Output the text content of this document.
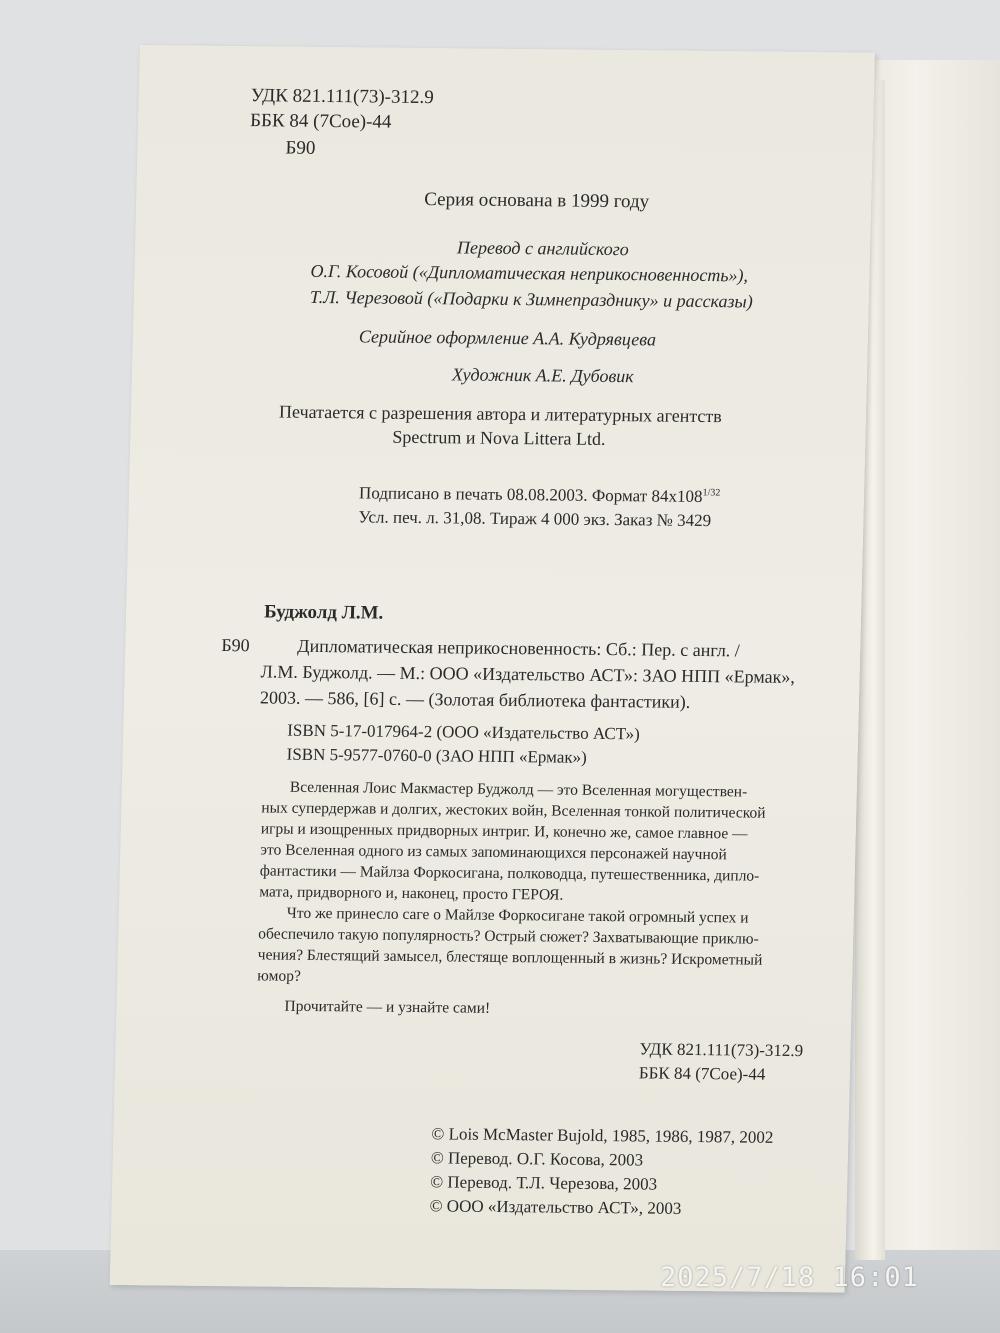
УДК 821.111(73)-312.9
ББК 84 (7Сое)-44
Б90
Серия основана в 1999 году
Перевод с английского
О.Г. Косовой («Дипломатическая неприкосновенность»),
Т.Л. Черезовой («Подарки к Зимнепразднику» и рассказы)
Серийное оформление А.А. Кудрявцева
Художник А.Е. Дубовик
Печатается с разрешения автора и литературных агентств
Spectrum и Nova Littera Ltd.
Подписано в печать 08.08.2003. Формат $84x108^{1/32}$
Усл. печ. л. 31,08. Тираж 4 000 экз. Заказ № 3429
Буджолд Л.М.
Б90	Дипломатическая неприкосновенность: Сб.: Пер. с англ. /
Л.М. Буджолд. — М.: ООО «Издательство АСТ»: ЗАО НПП «Ермак»,
2003. — 586, [6] с. — (Золотая библиотека фантастики).
ISBN 5-17-017964-2 (ООО «Издательство АСТ»)
ISBN 5-9577-0760-0 (ЗАО НПП «Ермак»)
Вселенная Лоис Макмастер Буджолд — это Вселенная могуществен-
ных супердержав и долгих, жестоких войн, Вселенная тонкой политической
игры и изощренных придворных интриг. И, конечно же, самое главное —
это Вселенная одного из самых запоминающихся персонажей научной
фантастики — Майлза Форкосигана, полководца, путешественника, дипло-
мата, придворного и, наконец, просто ГЕРОЯ.
Что же принесло саге о Майлзе Форкосигане такой огромный успех и
обеспечило такую популярность? Острый сюжет? Захватывающие приклю-
чения? Блестящий замысел, блестяще воплощенный в жизнь? Искрометный
юмор?
Прочитайте — и узнайте сами!
УДК 821.111(73)-312.9
ББК 84 (7Сое)-44
© Lois McMaster Bujold, 1985, 1986, 1987, 2002
© Перевод. О.Г. Косова, 2003
© Перевод. Т.Л. Черезова, 2003
© ООО «Издательство АСТ», 2003
2025/7/18 16:01
